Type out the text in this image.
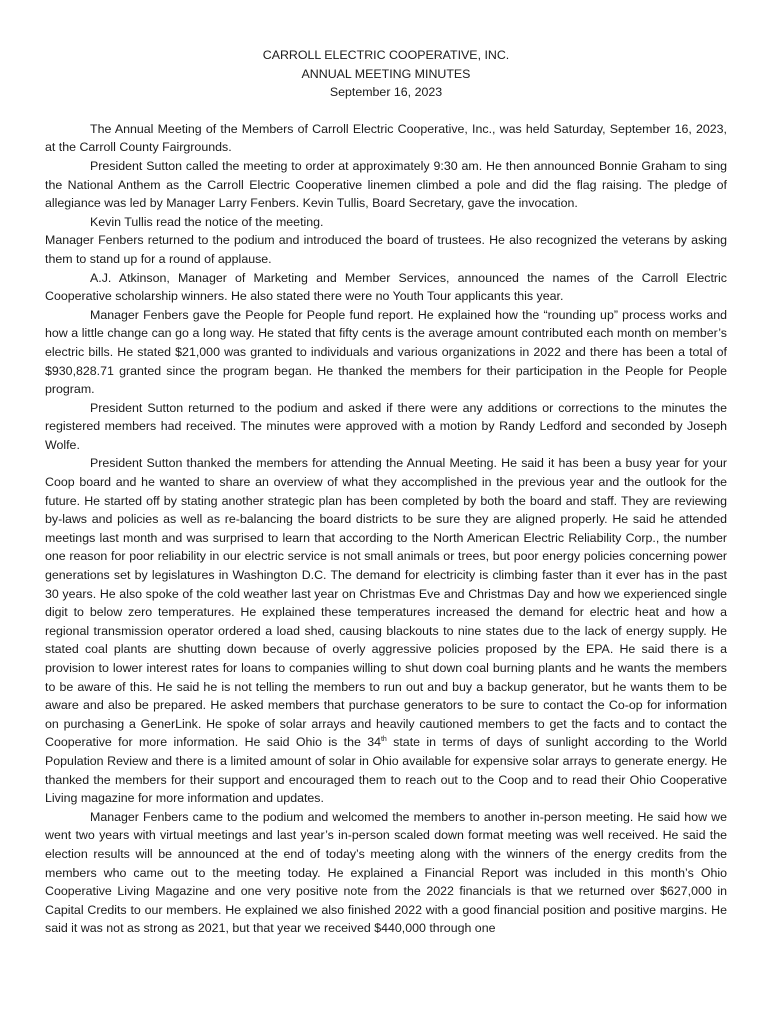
CARROLL ELECTRIC COOPERATIVE, INC.
ANNUAL MEETING MINUTES
September 16, 2023

The Annual Meeting of the Members of Carroll Electric Cooperative, Inc., was held Saturday, September 16, 2023, at the Carroll County Fairgrounds.

President Sutton called the meeting to order at approximately 9:30 am. He then announced Bonnie Graham to sing the National Anthem as the Carroll Electric Cooperative linemen climbed a pole and did the flag raising. The pledge of allegiance was led by Manager Larry Fenbers. Kevin Tullis, Board Secretary, gave the invocation.

Kevin Tullis read the notice of the meeting.

Manager Fenbers returned to the podium and introduced the board of trustees. He also recognized the veterans by asking them to stand up for a round of applause.

A.J. Atkinson, Manager of Marketing and Member Services, announced the names of the Carroll Electric Cooperative scholarship winners. He also stated there were no Youth Tour applicants this year.

Manager Fenbers gave the People for People fund report. He explained how the “rounding up” process works and how a little change can go a long way. He stated that fifty cents is the average amount contributed each month on member’s electric bills. He stated $21,000 was granted to individuals and various organizations in 2022 and there has been a total of $930,828.71 granted since the program began. He thanked the members for their participation in the People for People program.

President Sutton returned to the podium and asked if there were any additions or corrections to the minutes the registered members had received. The minutes were approved with a motion by Randy Ledford and seconded by Joseph Wolfe.

President Sutton thanked the members for attending the Annual Meeting. He said it has been a busy year for your Coop board and he wanted to share an overview of what they accomplished in the previous year and the outlook for the future. He started off by stating another strategic plan has been completed by both the board and staff. They are reviewing by-laws and policies as well as re-balancing the board districts to be sure they are aligned properly. He said he attended meetings last month and was surprised to learn that according to the North American Electric Reliability Corp., the number one reason for poor reliability in our electric service is not small animals or trees, but poor energy policies concerning power generations set by legislatures in Washington D.C. The demand for electricity is climbing faster than it ever has in the past 30 years. He also spoke of the cold weather last year on Christmas Eve and Christmas Day and how we experienced single digit to below zero temperatures. He explained these temperatures increased the demand for electric heat and how a regional transmission operator ordered a load shed, causing blackouts to nine states due to the lack of energy supply. He stated coal plants are shutting down because of overly aggressive policies proposed by the EPA. He said there is a provision to lower interest rates for loans to companies willing to shut down coal burning plants and he wants the members to be aware of this. He said he is not telling the members to run out and buy a backup generator, but he wants them to be aware and also be prepared. He asked members that purchase generators to be sure to contact the Co-op for information on purchasing a GenerLink. He spoke of solar arrays and heavily cautioned members to get the facts and to contact the Cooperative for more information. He said Ohio is the 34th state in terms of days of sunlight according to the World Population Review and there is a limited amount of solar in Ohio available for expensive solar arrays to generate energy. He thanked the members for their support and encouraged them to reach out to the Coop and to read their Ohio Cooperative Living magazine for more information and updates.

Manager Fenbers came to the podium and welcomed the members to another in-person meeting. He said how we went two years with virtual meetings and last year’s in-person scaled down format meeting was well received. He said the election results will be announced at the end of today’s meeting along with the winners of the energy credits from the members who came out to the meeting today. He explained a Financial Report was included in this month’s Ohio Cooperative Living Magazine and one very positive note from the 2022 financials is that we returned over $627,000 in Capital Credits to our members. He explained we also finished 2022 with a good financial position and positive margins. He said it was not as strong as 2021, but that year we received $440,000 through one
